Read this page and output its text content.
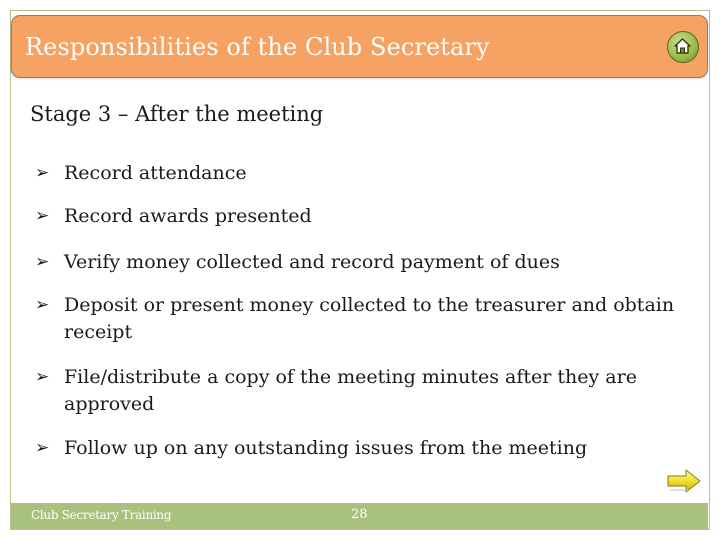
Responsibilities of the Club Secretary
Stage 3 – After the meeting
➢ Record attendance
➢ Record awards presented
➢ Verify money collected and record payment of dues
➢ Deposit or present money collected to the treasurer and obtain receipt
➢ File/distribute a copy of the meeting minutes after they are approved
➢ Follow up on any outstanding issues from the meeting
Club Secretary Training	28
